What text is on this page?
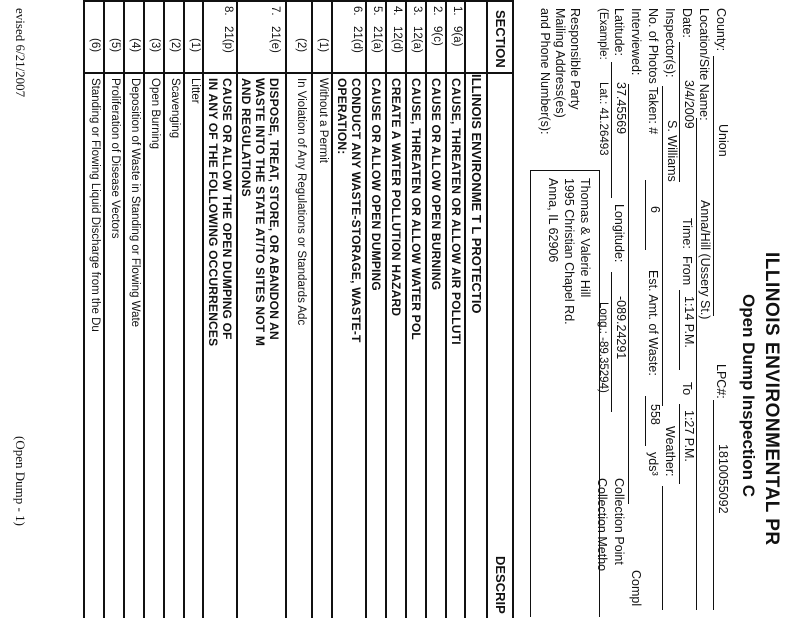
ILLINOIS ENVIRONMENTAL PR
Open Dump Inspection C
County:
Union
LPC#:
1810055092
Location/Site Name:
Anna/Hill (Ussery St.)
Date:
3/4/2009
Time:
From
1:14 P.M.
To
1:27 P.M.
Inspector(s):
S. Williams
Weather:
No. of Photos Taken: #
6
Est. Amt. of Waste:
558
yds³
Interviewed:
Compl
Latitude:
37.45569
Longitude:
-089.24291
Collection Point
(Example:
Lat.: 41.26493
Long.: -89.35294)
Collection Metho
Responsible Party
Mailing Address(es)
and Phone Number(s):
Thomas & Valerie Hill
1995 Christian Chapel Rd.
Anna, IL 62906
SECTION
DESCRIP
ILLINOIS ENVIRONME T L PROTECTIO
1.
9(a)
CAUSE, THREATEN OR ALLOW AIR POLLUTI
2.
9(c)
CAUSE OR ALLOW OPEN BURNING
3.
12(a)
CAUSE, THREATEN OR ALLOW WATER POL
4.
12(d)
CREATE A WATER POLLUTION HAZARD
5.
21(a)
CAUSE OR ALLOW OPEN DUMPING
6.
21(d)
CONDUCT ANY WASTE-STORAGE, WASTE-T
OPERATION:
(1)
Without a Permit
(2)
In Violation of Any Regulations or Standards Adc
7.
21(e)
DISPOSE, TREAT, STORE, OR ABANDON AN
WASTE INTO THE STATE AT/TO SITES NOT M
AND REGULATIONS
8.
21(p)
CAUSE OR ALLOW THE OPEN DUMPING OF
IN ANY OF THE FOLLOWING OCCURRENCES
(1)
Litter
(2)
Scavenging
(3)
Open Burning
(4)
Deposition of Waste in Standing or Flowing Wate
(5)
Proliferation of Disease Vectors
(6)
Standing or Flowing Liquid Discharge from the Du
evised 6/21/2007
(Open Dump - 1)
